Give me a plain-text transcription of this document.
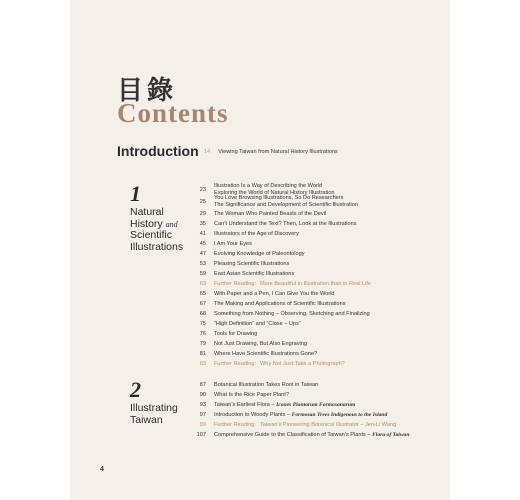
目錄
Contents
Introduction 14 Viewing Taiwan from Natural History Illustrations
1
Natural
History and
Scientific
Illustrations
23
Illustration Is a Way of Describing the World
Exploring the World of Natural History Illustration
25
You Love Browsing Illustrations, So Do Researchers
The Significance and Development of Scientific Illustration
29 The Woman Who Painted Beasts of the Devil
35 Can’t Understand the Text? Then, Look at the Illustrations
41 Illustrators of the Age of Discovery
45 I Am Your Eyes
47 Evolving Knowledge of Paleontology
53 Pleasing Scientific Illustrations
59 East Asian Scientific Illustrations
63 Further Reading：More Beautiful in Illustration than in Real Life
65 With Paper and a Pen, I Can Give You the World
67 The Making and Applications of Scientific Illustrations
68 Something from Nothing – Observing, Sketching and Finalizing
75 “High Definition” and “Close – Ups”
76 Tools for Drawing
79 Not Just Drawing, But Also Engraving
81 Where Have Scientific Illustrations Gone?
83 Further Reading：Why Not Just Take a Photograph?
2
Illustrating
Taiwan
87 Botanical Illustration Takes Root in Taiwan
90 What Is the Rice Paper Plant?
93 Taiwan’s Earliest Flora – Icones Plantarum Formosanarum
97 Introduction to Woody Plants – Formosan Trees Indigenous to the Island
99 Further Reading：Taiwan’s Pioneering Botanical Illustrator – Jen-Li Wang
107 Comprehensive Guide to the Classification of Taiwan’s Plants – Flora of Taiwan
4
